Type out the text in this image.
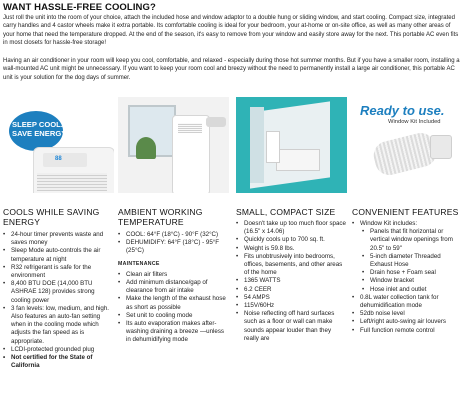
WANT HASSLE-FREE COOLING?
Just roll the unit into the room of your choice, attach the included hose and window adaptor to a double hung or sliding window, and start cooling. Compact size, integrated carry handles and 4 castor wheels make it extra portable. Its comfortable cooling is ideal for your bedroom, your at-home or on-site office, as well as many other areas of your home that need the temperature dropped. At the end of the season, it's easy to remove from your window and easily store away for the next. This portable AC even fits in most closets for hassle-free storage!
Having an air conditioner in your room will keep you cool, comfortable, and relaxed - especially during those hot summer months. But if you have a smaller room, installing a wall-mounted AC unit might be unnecessary. If you want to keep your room cool and breezy without the need to permanently install a large air conditioner, this portable AC unit is your solution for the dog days of summer.
SLEEP COOL.
SAVE ENERGY.
88
Ready to use.
Window Kit Included
COOLS WHILE SAVING ENERGY
• 24-hour timer prevents waste and saves money
• Sleep Mode auto-controls the air temperature at night
• R32 refrigerant is safe for the environment
• 8,400 BTU DOE (14,000 BTU ASHRAE 128) provides strong cooling power
• 3 fan levels: low, medium, and high. Also features an auto-fan setting when in the cooling mode which adjusts the fan speed as is appropriate.
• LCDI-protected grounded plug
• Not certified for the State of California
AMBIENT WORKING TEMPERATURE
• COOL: 64°F (18°C) - 90°F (32°C)
• DEHUMIDIFY: 64°F (18°C) - 95°F (25°C)
MAINTENANCE
• Clean air filters
• Add minimum distance/gap of clearance from air intake
• Make the length of the exhaust hose as short as possible
• Set unit to cooling mode
• Its auto evaporation makes after-washing draining a breeze —unless in dehumidifying mode
SMALL, COMPACT SIZE
• Doesn't take up too much floor space (16.5" x 14.06)
• Quickly cools up to 700 sq. ft.
• Weight is 59.8 lbs.
• Fits unobtrusively into bedrooms, offices, basements, and other areas of the home
• 1365 WATTS
• 6.2 CEER
• 54 AMPS
• 115V/60Hz
• Noise reflecting off hard surfaces such as a floor or wall can make sounds appear louder than they really are
CONVENIENT FEATURES
• Window Kit includes:
• Panels that fit horizontal or vertical window openings from 20.5" to 59"
• 5-inch diameter Threaded Exhaust Hose
• Drain hose + Foam seal
• Window bracket
• Hose inlet and outlet
• 0.8L water collection tank for dehumidification mode
• 52db noise level
• Left/right auto-swing air louvers
• Full function remote control
